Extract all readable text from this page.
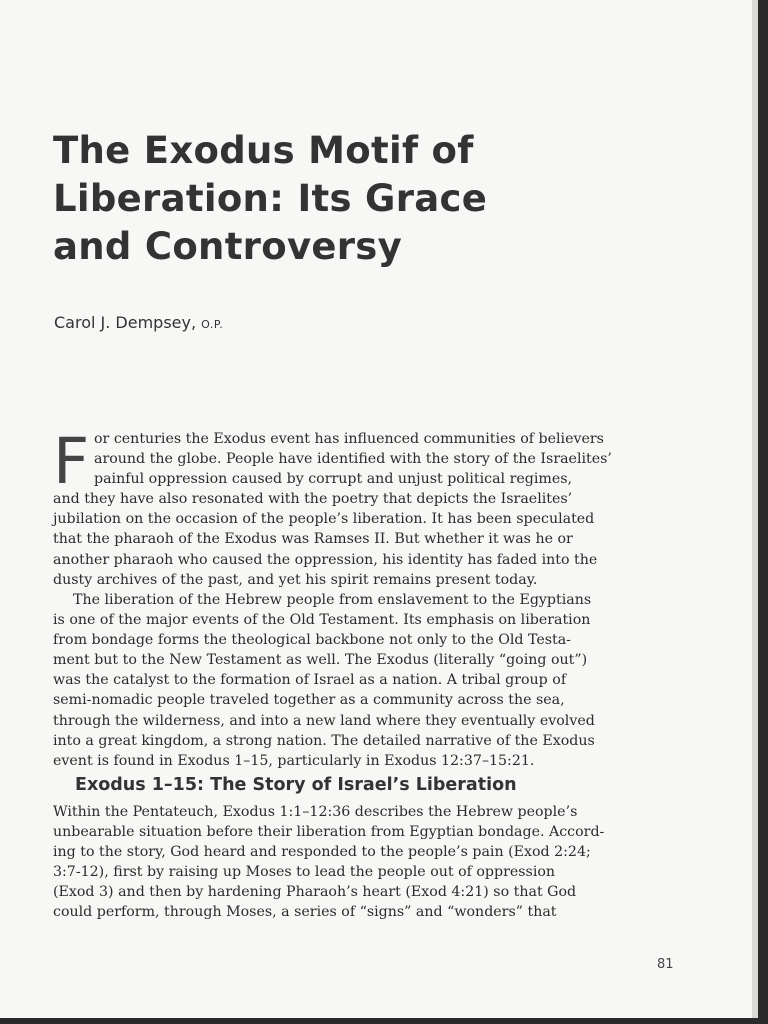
The Exodus Motif of
Liberation: Its Grace
and Controversy
Carol J. Dempsey, O.P.
F or centuries the Exodus event has influenced communities of believers
around the globe. People have identified with the story of the Israelites’
painful oppression caused by corrupt and unjust political regimes,
and they have also resonated with the poetry that depicts the Israelites’
jubilation on the occasion of the people’s liberation. It has been speculated
that the pharaoh of the Exodus was Ramses II. But whether it was he or
another pharaoh who caused the oppression, his identity has faded into the
dusty archives of the past, and yet his spirit remains present today.
The liberation of the Hebrew people from enslavement to the Egyptians
is one of the major events of the Old Testament. Its emphasis on liberation
from bondage forms the theological backbone not only to the Old Testa-
ment but to the New Testament as well. The Exodus (literally “going out”)
was the catalyst to the formation of Israel as a nation. A tribal group of
semi-nomadic people traveled together as a community across the sea,
through the wilderness, and into a new land where they eventually evolved
into a great kingdom, a strong nation. The detailed narrative of the Exodus
event is found in Exodus 1–15, particularly in Exodus 12:37–15:21.
Exodus 1–15: The Story of Israel’s Liberation
Within the Pentateuch, Exodus 1:1–12:36 describes the Hebrew people’s
unbearable situation before their liberation from Egyptian bondage. Accord-
ing to the story, God heard and responded to the people’s pain (Exod 2:24;
3:7-12), first by raising up Moses to lead the people out of oppression
(Exod 3) and then by hardening Pharaoh’s heart (Exod 4:21) so that God
could perform, through Moses, a series of “signs” and “wonders” that
81
